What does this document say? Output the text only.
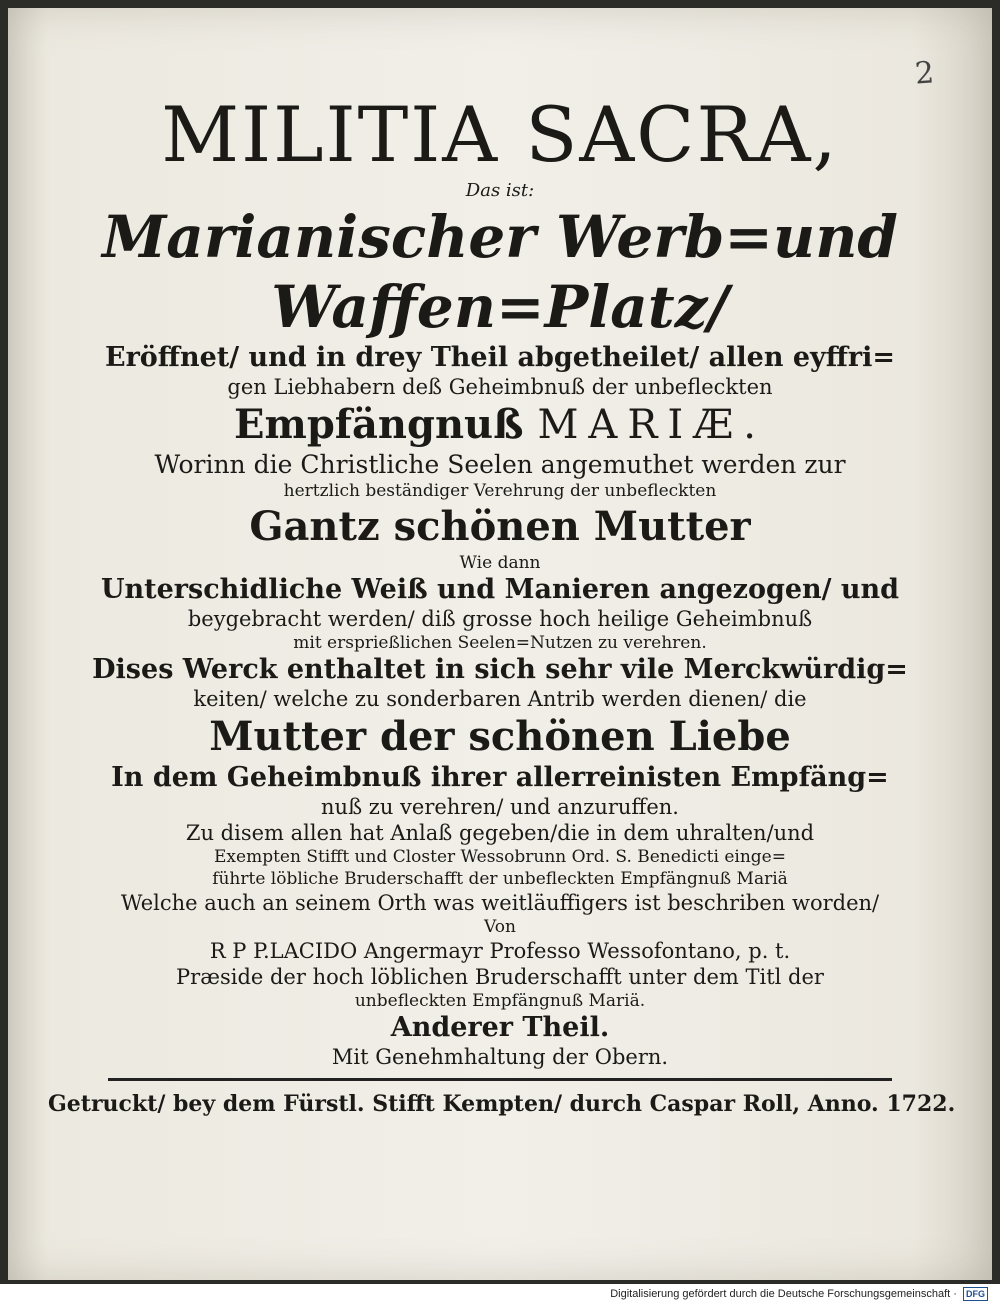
2
MILITIA SACRA,
Das ist:
Marianischer Werb=und
Waffen=Platz/
Eröffnet/ und in drey Theil abgetheilet/ allen eyffri=
gen Liebhabern deß Geheimbnuß der unbefleckten
Empfängnuß MARIÆ.
Worinn die Christliche Seelen angemuthet werden zur
hertzlich beständiger Verehrung der unbefleckten
Gantz schönen Mutter
Wie dann
Unterschidliche Weiß und Manieren angezogen/ und
beygebracht werden/ diß grosse hoch heilige Geheimbnuß
mit ersprießlichen Seelen=Nutzen zu verehren.
Dises Werck enthaltet in sich sehr vile Merckwürdig=
keiten/ welche zu sonderbaren Antrib werden dienen/ die
Mutter der schönen Liebe
In dem Geheimbnuß ihrer allerreinisten Empfäng=
nuß zu verehren/ und anzuruffen.
Zu disem allen hat Anlaß gegeben/die in dem uhralten/und
Exempten Stifft und Closter Wessobrunn Ord. S. Benedicti einge=
führte löbliche Bruderschafft der unbefleckten Empfängnuß Mariä
Welche auch an seinem Orth was weitläuffigers ist beschriben worden/
Von
R P P.LACIDO Angermayr Professo Wessofontano, p. t.
Præside der hoch löblichen Bruderschafft unter dem Titl der
unbefleckten Empfängnuß Mariä.
Anderer Theil.
Mit Genehmhaltung der Obern.
Getruckt/ bey dem Fürstl. Stifft Kempten/ durch Caspar Roll, Anno. 1722.
Digitalisierung gefördert durch die Deutsche Forschungsgemeinschaft · DFG
